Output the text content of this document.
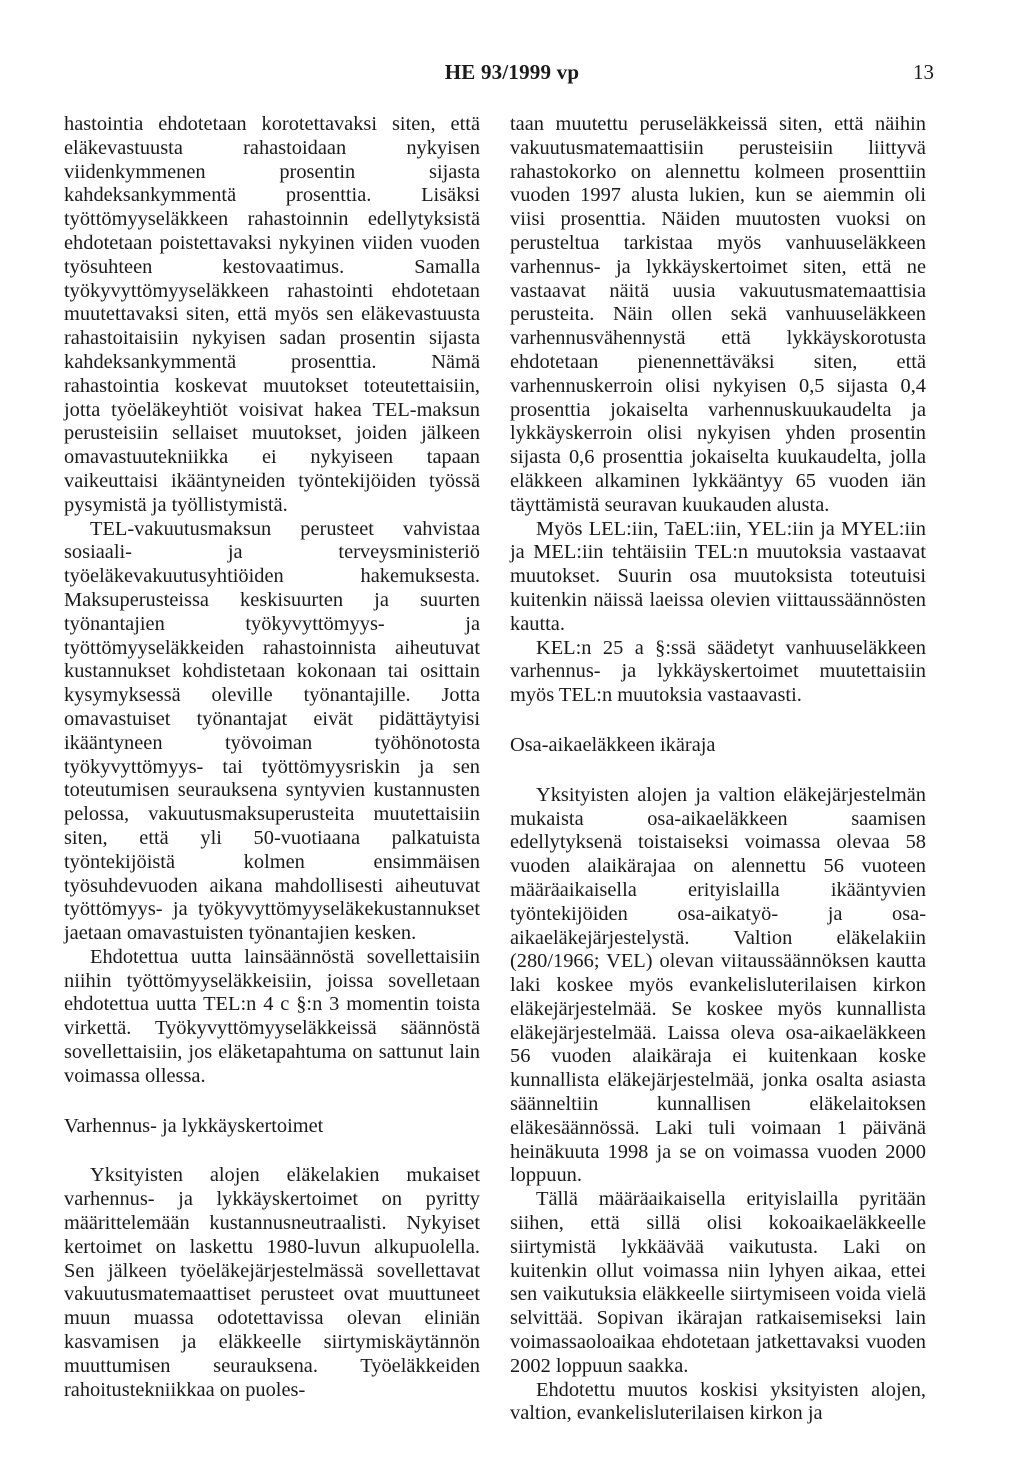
HE 93/1999 vp	13

hastointia ehdotetaan korotettavaksi siten, että eläkevastuusta rahastoidaan nykyisen viidenkymmenen prosentin sijasta kahdeksankymmentä prosenttia. Lisäksi työttömyyseläkkeen rahastoinnin edellytyksistä ehdotetaan poistettavaksi nykyinen viiden vuoden työsuhteen kestovaatimus. Samalla työkyvyttömyyseläkkeen rahastointi ehdotetaan muutettavaksi siten, että myös sen eläkevastuusta rahastoitaisiin nykyisen sadan prosentin sijasta kahdeksankymmentä prosenttia. Nämä rahastointia koskevat muutokset toteutettaisiin, jotta työeläkeyhtiöt voisivat hakea TEL-maksun perusteisiin sellaiset muutokset, joiden jälkeen omavastuutekniikka ei nykyiseen tapaan vaikeuttaisi ikääntyneiden työntekijöiden työssä pysymistä ja työllistymistä.

TEL-vakuutusmaksun perusteet vahvistaa sosiaali- ja terveysministeriö työeläkevakuutusyhtiöiden hakemuksesta. Maksuperusteissa keskisuurten ja suurten työnantajien työkyvyttömyys- ja työttömyyseläkkeiden rahastoinnista aiheutuvat kustannukset kohdistetaan kokonaan tai osittain kysymyksessä oleville työnantajille. Jotta omavastuiset työnantajat eivät pidättäytyisi ikääntyneen työvoiman työhönotosta työkyvyttömyys- tai työttömyysriskin ja sen toteutumisen seurauksena syntyvien kustannusten pelossa, vakuutusmaksuperusteita muutettaisiin siten, että yli 50-vuotiaana palkatuista työntekijöistä kolmen ensimmäisen työsuhdevuoden aikana mahdollisesti aiheutuvat työttömyys- ja työkyvyttömyyseläkekustannukset jaetaan omavastuisten työnantajien kesken.

Ehdotettua uutta lainsäännöstä sovellettaisiin niihin työttömyyseläkkeisiin, joissa sovelletaan ehdotettua uutta TEL:n 4 c §:n 3 momentin toista virkettä. Työkyvyttömyyseläkkeissä säännöstä sovellettaisiin, jos eläketapahtuma on sattunut lain voimassa ollessa.

Varhennus- ja lykkäyskertoimet

Yksityisten alojen eläkelakien mukaiset varhennus- ja lykkäyskertoimet on pyritty määrittelemään kustannusneutraalisti. Nykyiset kertoimet on laskettu 1980-luvun alkupuolella. Sen jälkeen työeläkejärjestelmässä sovellettavat vakuutusmatemaattiset perusteet ovat muuttuneet muun muassa odotettavissa olevan eliniän kasvamisen ja eläkkeelle siirtymiskäytännön muuttumisen seurauksena. Työeläkkeiden rahoitustekniikkaa on puoles-

taan muutettu peruseläkkeissä siten, että näihin vakuutusmatemaattisiin perusteisiin liittyvä rahastokorko on alennettu kolmeen prosenttiin vuoden 1997 alusta lukien, kun se aiemmin oli viisi prosenttia. Näiden muutosten vuoksi on perusteltua tarkistaa myös vanhuuseläkkeen varhennus- ja lykkäyskertoimet siten, että ne vastaavat näitä uusia vakuutusmatemaattisia perusteita. Näin ollen sekä vanhuuseläkkeen varhennusvähennystä että lykkäyskorotusta ehdotetaan pienennettäväksi siten, että varhennuskerroin olisi nykyisen 0,5 sijasta 0,4 prosenttia jokaiselta varhennuskuukaudelta ja lykkäyskerroin olisi nykyisen yhden prosentin sijasta 0,6 prosenttia jokaiselta kuukaudelta, jolla eläkkeen alkaminen lykkääntyy 65 vuoden iän täyttämistä seuravan kuukauden alusta.

Myös LEL:iin, TaEL:iin, YEL:iin ja MYEL:iin ja MEL:iin tehtäisiin TEL:n muutoksia vastaavat muutokset. Suurin osa muutoksista toteutuisi kuitenkin näissä laeissa olevien viittaussäännösten kautta.

KEL:n 25 a §:ssä säädetyt vanhuuseläkkeen varhennus- ja lykkäyskertoimet muutettaisiin myös TEL:n muutoksia vastaavasti.

Osa-aikaeläkkeen ikäraja

Yksityisten alojen ja valtion eläkejärjestelmän mukaista osa-aikaeläkkeen saamisen edellytyksenä toistaiseksi voimassa olevaa 58 vuoden alaikärajaa on alennettu 56 vuoteen määräaikaisella erityislailla ikääntyvien työntekijöiden osa-aikatyö- ja osa-aikaeläkejärjestelystä. Valtion eläkelakiin (280/1966; VEL) olevan viitaussäännöksen kautta laki koskee myös evankelisluterilaisen kirkon eläkejärjestelmää. Se koskee myös kunnallista eläkejärjestelmää. Laissa oleva osa-aikaeläkkeen 56 vuoden alaikäraja ei kuitenkaan koske kunnallista eläkejärjestelmää, jonka osalta asiasta säänneltiin kunnallisen eläkelaitoksen eläkesäännössä. Laki tuli voimaan 1 päivänä heinäkuuta 1998 ja se on voimassa vuoden 2000 loppuun.

Tällä määräaikaisella erityislailla pyritään siihen, että sillä olisi kokoaikaeläkkeelle siirtymistä lykkäävää vaikutusta. Laki on kuitenkin ollut voimassa niin lyhyen aikaa, ettei sen vaikutuksia eläkkeelle siirtymiseen voida vielä selvittää. Sopivan ikärajan ratkaisemiseksi lain voimassaoloaikaa ehdotetaan jatkettavaksi vuoden 2002 loppuun saakka.

Ehdotettu muutos koskisi yksityisten alojen, valtion, evankelisluterilaisen kirkon ja
